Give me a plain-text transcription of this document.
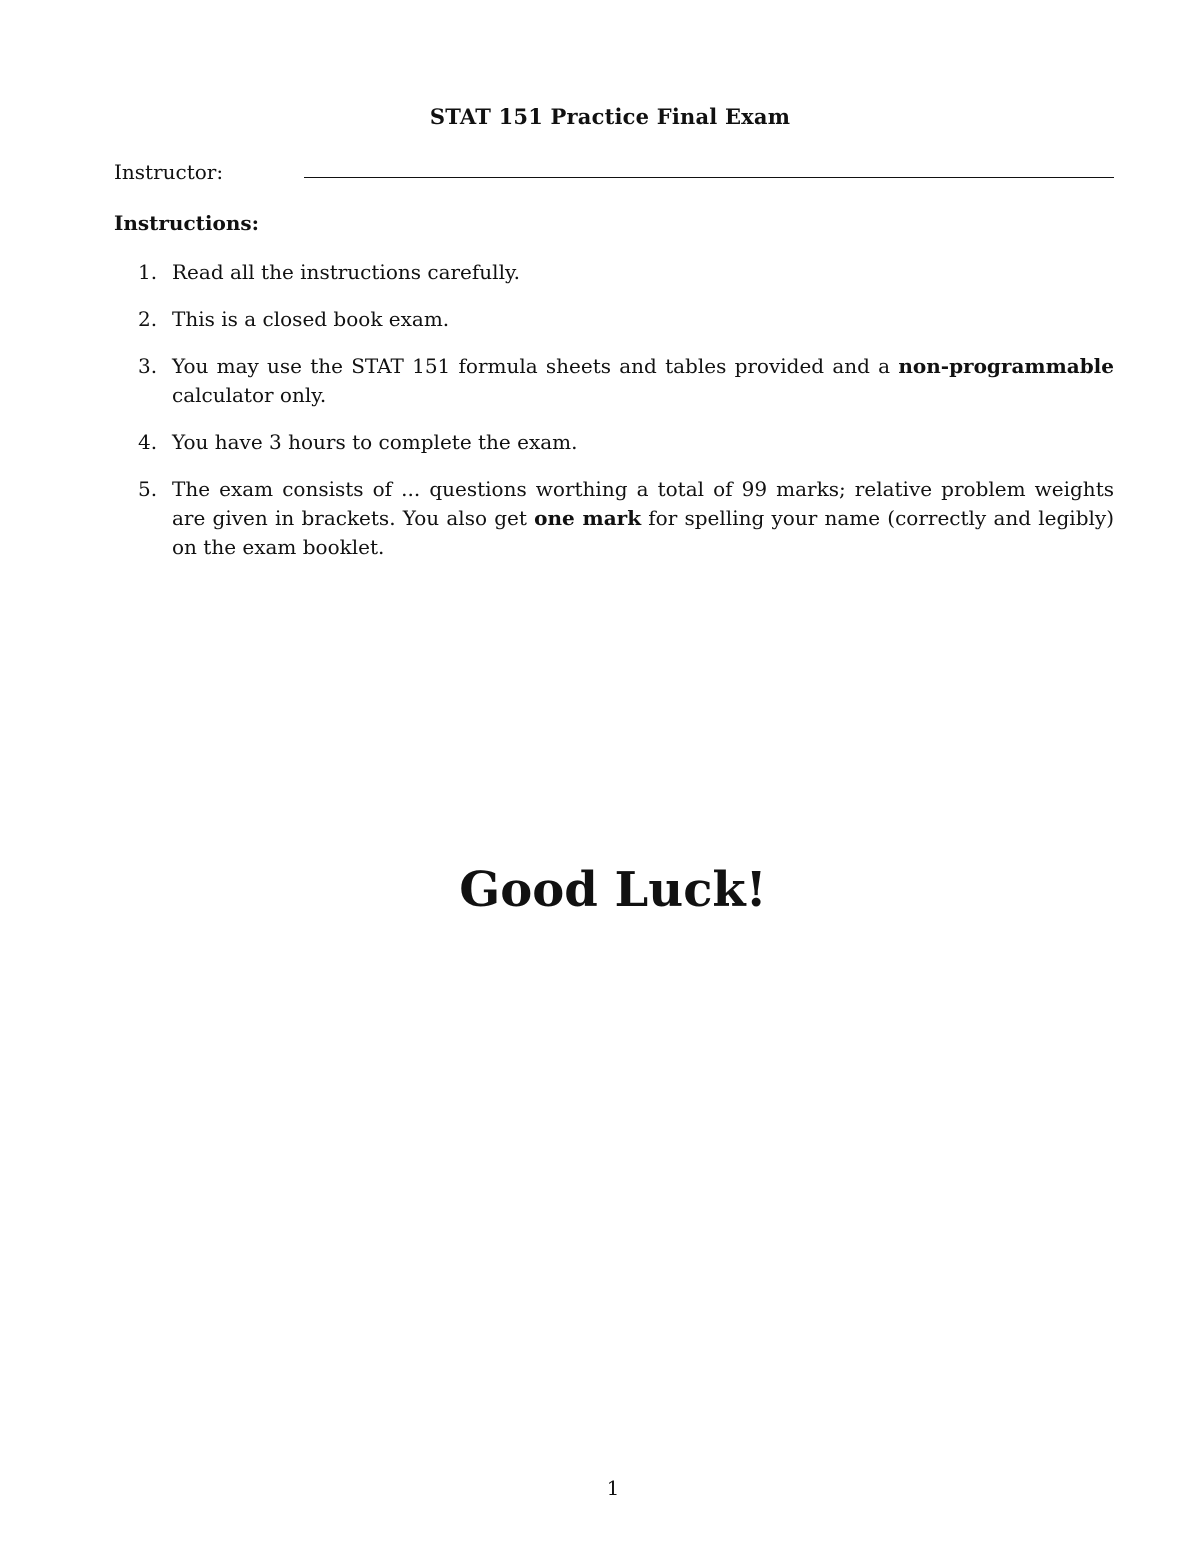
STAT 151 Practice Final Exam
Instructor:
Instructions:
1. Read all the instructions carefully.
2. This is a closed book exam.
3. You may use the STAT 151 formula sheets and tables provided and a non-programmable calculator only.
4. You have 3 hours to complete the exam.
5. The exam consists of ... questions worthing a total of 99 marks; relative problem weights are given in brackets. You also get one mark for spelling your name (correctly and legibly) on the exam booklet.
Good Luck!
1
